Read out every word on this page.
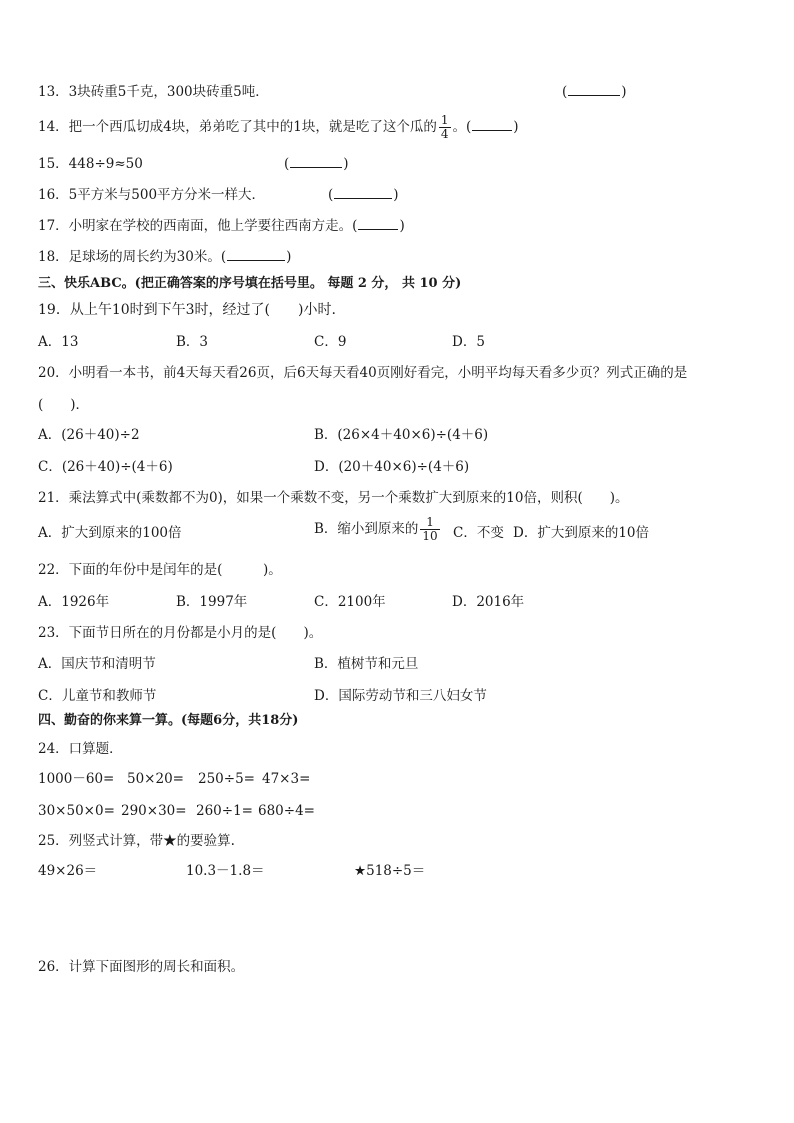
13．3块砖重5千克，300块砖重5吨．	(	)
14．把一个西瓜切成4块，弟弟吃了其中的1块，就是吃了这个瓜的 $\frac{1}{4}$ 。(	)
15．448÷9≈50	(	)
16．5平方米与500平方分米一样大．	(	)
17．小明家在学校的西南面，他上学要往西南方走。(	)
18．足球场的周长约为30米。(	)
三、快乐ABC。(把正确答案的序号填在括号里。 每题 2 分， 共 10 分)
19．从上午10时到下午3时，经过了(　　)小时.
A．13	B．3	C．9	D．5
20．小明看一本书，前4天每天看26页，后6天每天看40页刚好看完，小明平均每天看多少页？列式正确的是
(　　)．
A．(26＋40)÷2	B．(26×4＋40×6)÷(4＋6)
C．(26＋40)÷(4＋6)	D．(20＋40×6)÷(4＋6)
21．乘法算式中(乘数都不为0)，如果一个乘数不变，另一个乘数扩大到原来的10倍，则积(　　)。
A．扩大到原来的100倍	B．缩小到原来的 $\frac{1}{10}$ C．不变 D．扩大到原来的10倍
22．下面的年份中是闰年的是(　　　)。
A．1926年	B．1997年	C．2100年	D．2016年
23．下面节日所在的月份都是小月的是(　　)。
A．国庆节和清明节	B．植树节和元旦
C．儿童节和教师节	D．国际劳动节和三八妇女节
四、勤奋的你来算一算。(每题6分，共18分)
24．口算题．
1000－60= 50×20= 250÷5= 47×3=
30×50×0= 290×30= 260÷1= 680÷4=
25．列竖式计算，带★的要验算.
49×26＝	10.3－1.8＝	★518÷5＝
26．计算下面图形的周长和面积。
